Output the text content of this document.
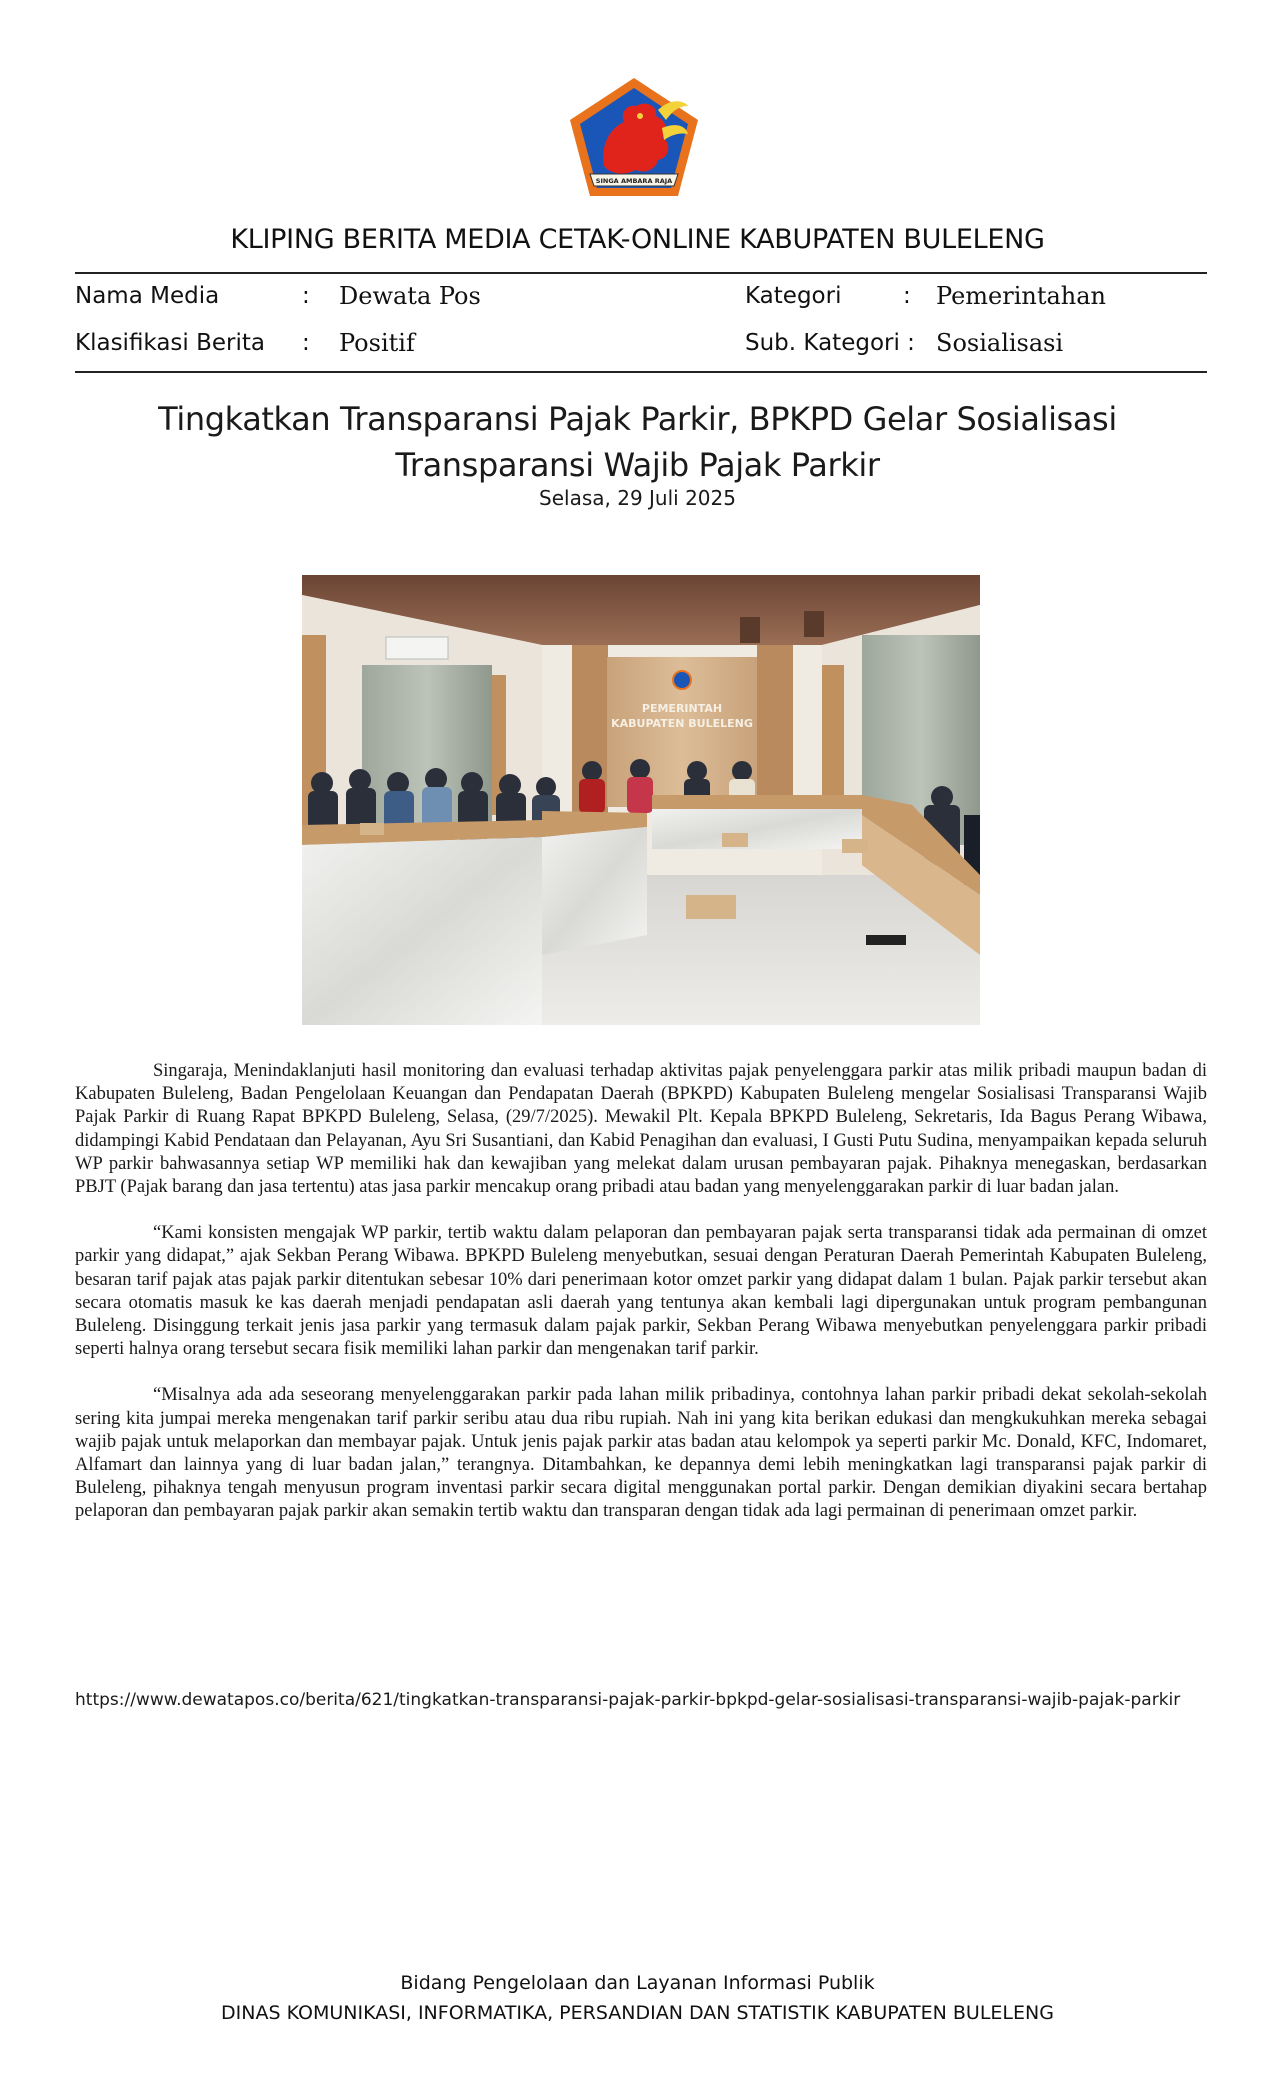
SINGA AMBARA RAJA
KLIPING BERITA MEDIA CETAK-ONLINE KABUPATEN BULELENG
Nama Media	: Dewata Pos	Kategori	: Pemerintahan
Klasifikasi Berita : Positif	Sub. Kategori : Sosialisasi
Tingkatkan Transparansi Pajak Parkir, BPKPD Gelar Sosialisasi
Transparansi Wajib Pajak Parkir
Selasa, 29 Juli 2025
PEMERINTAH
KABUPATEN BULELENG

Singaraja, Menindaklanjuti hasil monitoring dan evaluasi terhadap aktivitas pajak penyelenggara parkir atas milik pribadi maupun badan di Kabupaten Buleleng, Badan Pengelolaan Keuangan dan Pendapatan Daerah (BPKPD) Kabupaten Buleleng mengelar Sosialisasi Transparansi Wajib Pajak Parkir di Ruang Rapat BPKPD Buleleng, Selasa, (29/7/2025). Mewakil Plt. Kepala BPKPD Buleleng, Sekretaris, Ida Bagus Perang Wibawa, didampingi Kabid Pendataan dan Pelayanan, Ayu Sri Susantiani, dan Kabid Penagihan dan evaluasi, I Gusti Putu Sudina, menyampaikan kepada seluruh WP parkir bahwasannya setiap WP memiliki hak dan kewajiban yang melekat dalam urusan pembayaran pajak. Pihaknya menegaskan, berdasarkan PBJT (Pajak barang dan jasa tertentu) atas jasa parkir mencakup orang pribadi atau badan yang menyelenggarakan parkir di luar badan jalan.

“Kami konsisten mengajak WP parkir, tertib waktu dalam pelaporan dan pembayaran pajak serta transparansi tidak ada permainan di omzet parkir yang didapat,” ajak Sekban Perang Wibawa. BPKPD Buleleng menyebutkan, sesuai dengan Peraturan Daerah Pemerintah Kabupaten Buleleng, besaran tarif pajak atas pajak parkir ditentukan sebesar 10% dari penerimaan kotor omzet parkir yang didapat dalam 1 bulan. Pajak parkir tersebut akan secara otomatis masuk ke kas daerah menjadi pendapatan asli daerah yang tentunya akan kembali lagi dipergunakan untuk program pembangunan Buleleng. Disinggung terkait jenis jasa parkir yang termasuk dalam pajak parkir, Sekban Perang Wibawa menyebutkan penyelenggara parkir pribadi seperti halnya orang tersebut secara fisik memiliki lahan parkir dan mengenakan tarif parkir.

“Misalnya ada ada seseorang menyelenggarakan parkir pada lahan milik pribadinya, contohnya lahan parkir pribadi dekat sekolah-sekolah sering kita jumpai mereka mengenakan tarif parkir seribu atau dua ribu rupiah. Nah ini yang kita berikan edukasi dan mengkukuhkan mereka sebagai wajib pajak untuk melaporkan dan membayar pajak. Untuk jenis pajak parkir atas badan atau kelompok ya seperti parkir Mc. Donald, KFC, Indomaret, Alfamart dan lainnya yang di luar badan jalan,” terangnya. Ditambahkan, ke depannya demi lebih meningkatkan lagi transparansi pajak parkir di Buleleng, pihaknya tengah menyusun program inventasi parkir secara digital menggunakan portal parkir. Dengan demikian diyakini secara bertahap pelaporan dan pembayaran pajak parkir akan semakin tertib waktu dan transparan dengan tidak ada lagi permainan di penerimaan omzet parkir.

https://www.dewatapos.co/berita/621/tingkatkan-transparansi-pajak-parkir-bpkpd-gelar-sosialisasi-transparansi-wajib-pajak-parkir
Bidang Pengelolaan dan Layanan Informasi Publik
DINAS KOMUNIKASI, INFORMATIKA, PERSANDIAN DAN STATISTIK KABUPATEN BULELENG
